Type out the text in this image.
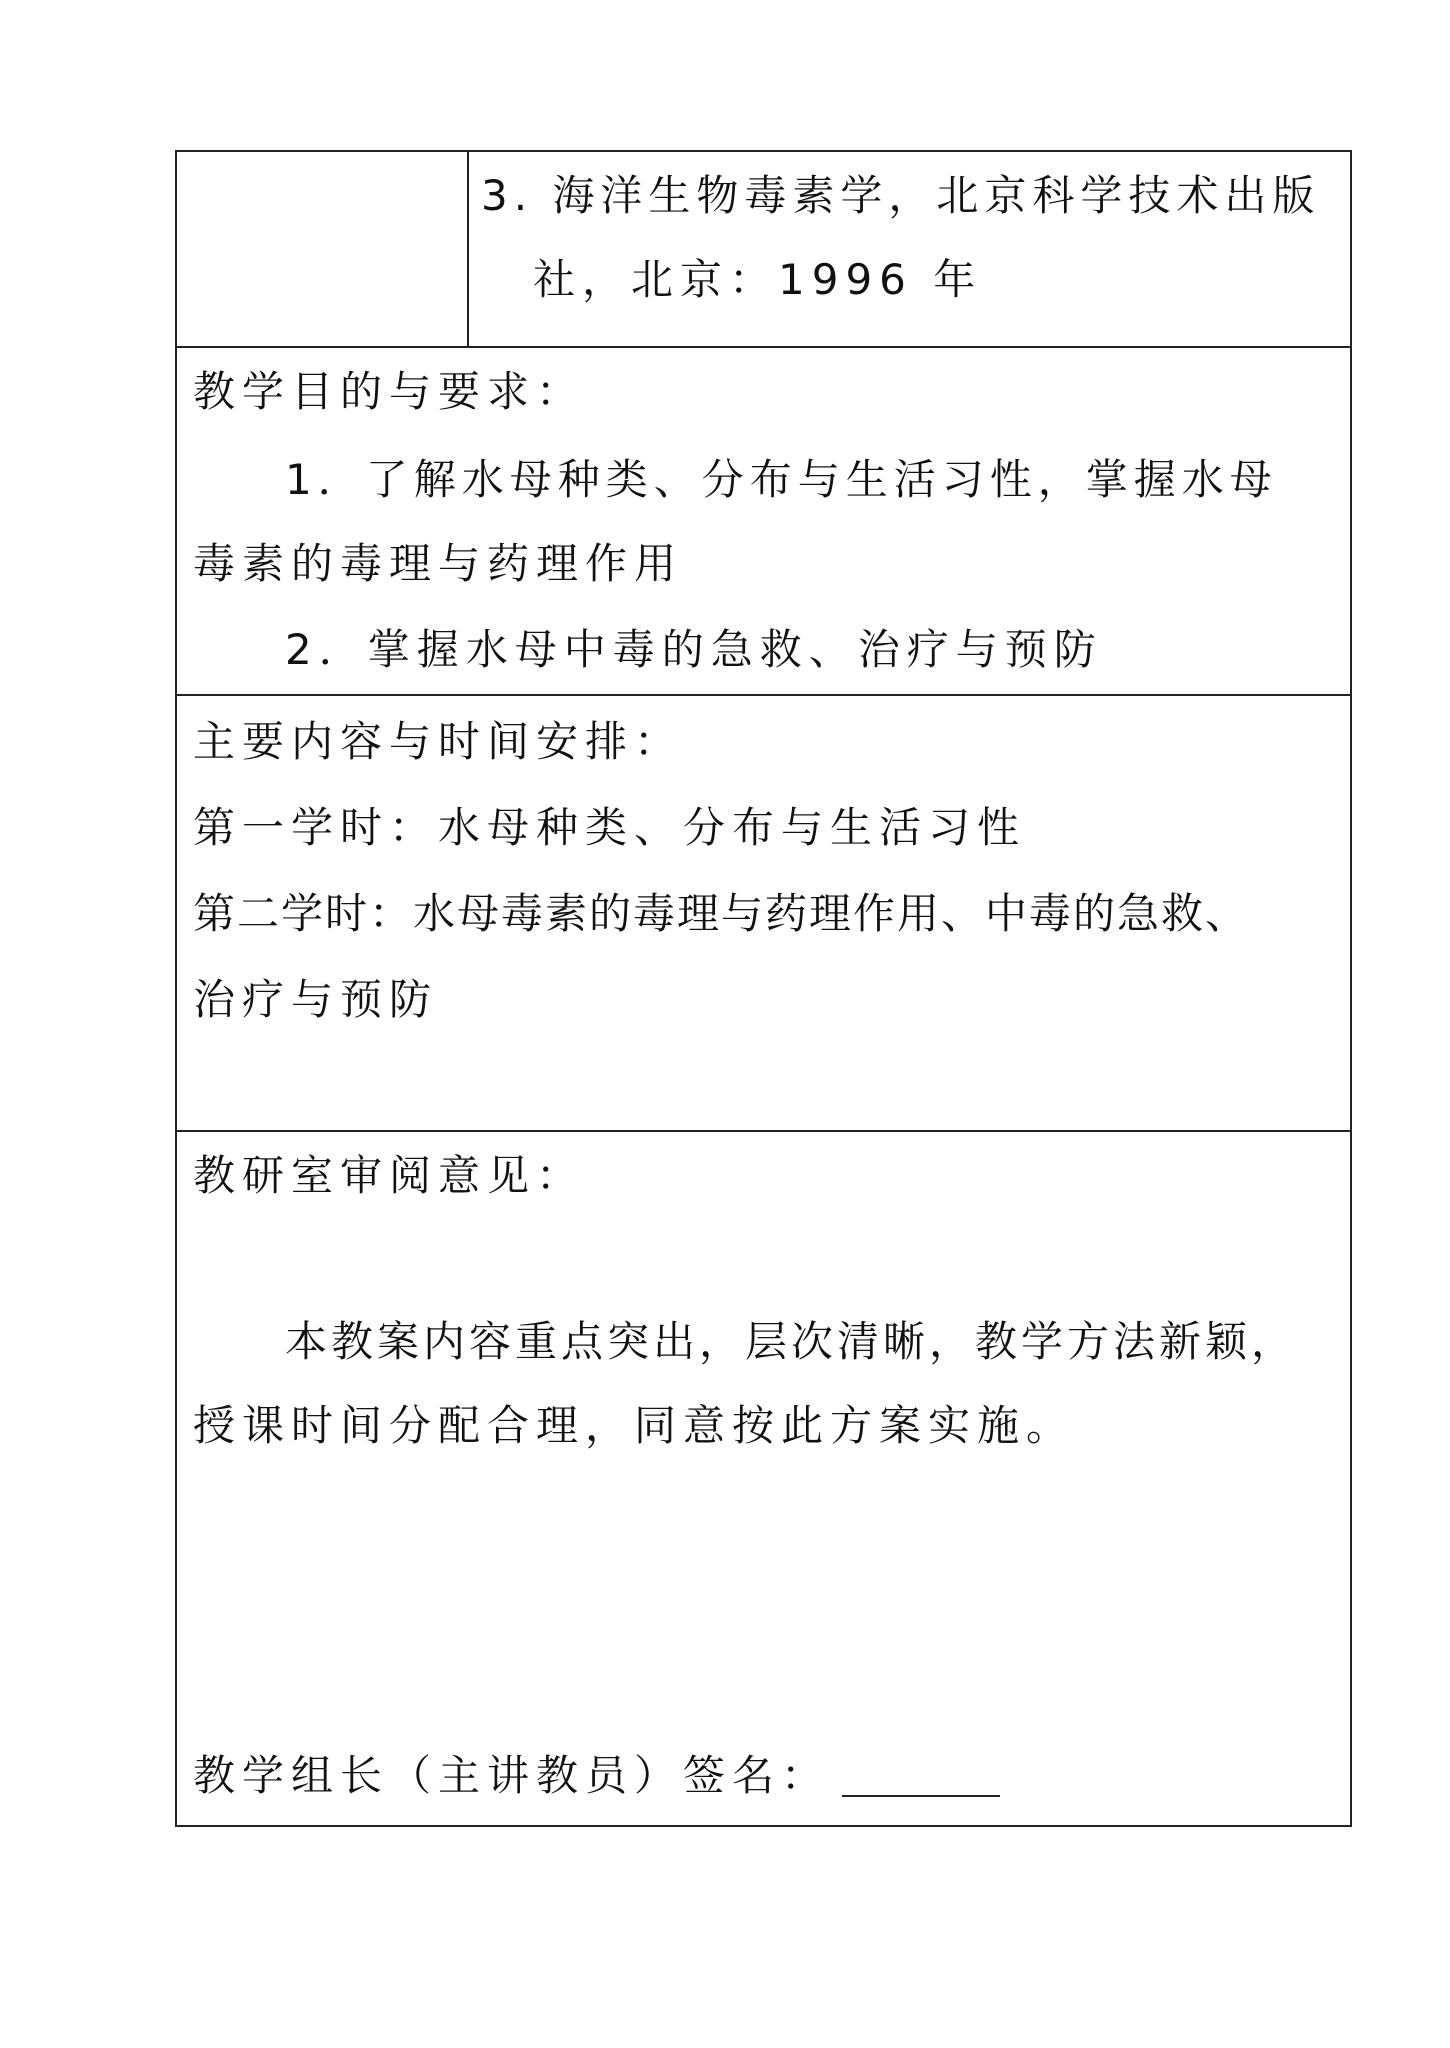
3. 海洋生物毒素学，北京科学技术出版
社，北京：1996 年
教学目的与要求：
1．了解水母种类、分布与生活习性，掌握水母
毒素的毒理与药理作用
2．掌握水母中毒的急救、治疗与预防
主要内容与时间安排：
第一学时：水母种类、分布与生活习性
第二学时：水母毒素的毒理与药理作用、中毒的急救、
治疗与预防
教研室审阅意见：
本教案内容重点突出，层次清晰，教学方法新颖，
授课时间分配合理，同意按此方案实施。
教学组长（主讲教员）签名：
